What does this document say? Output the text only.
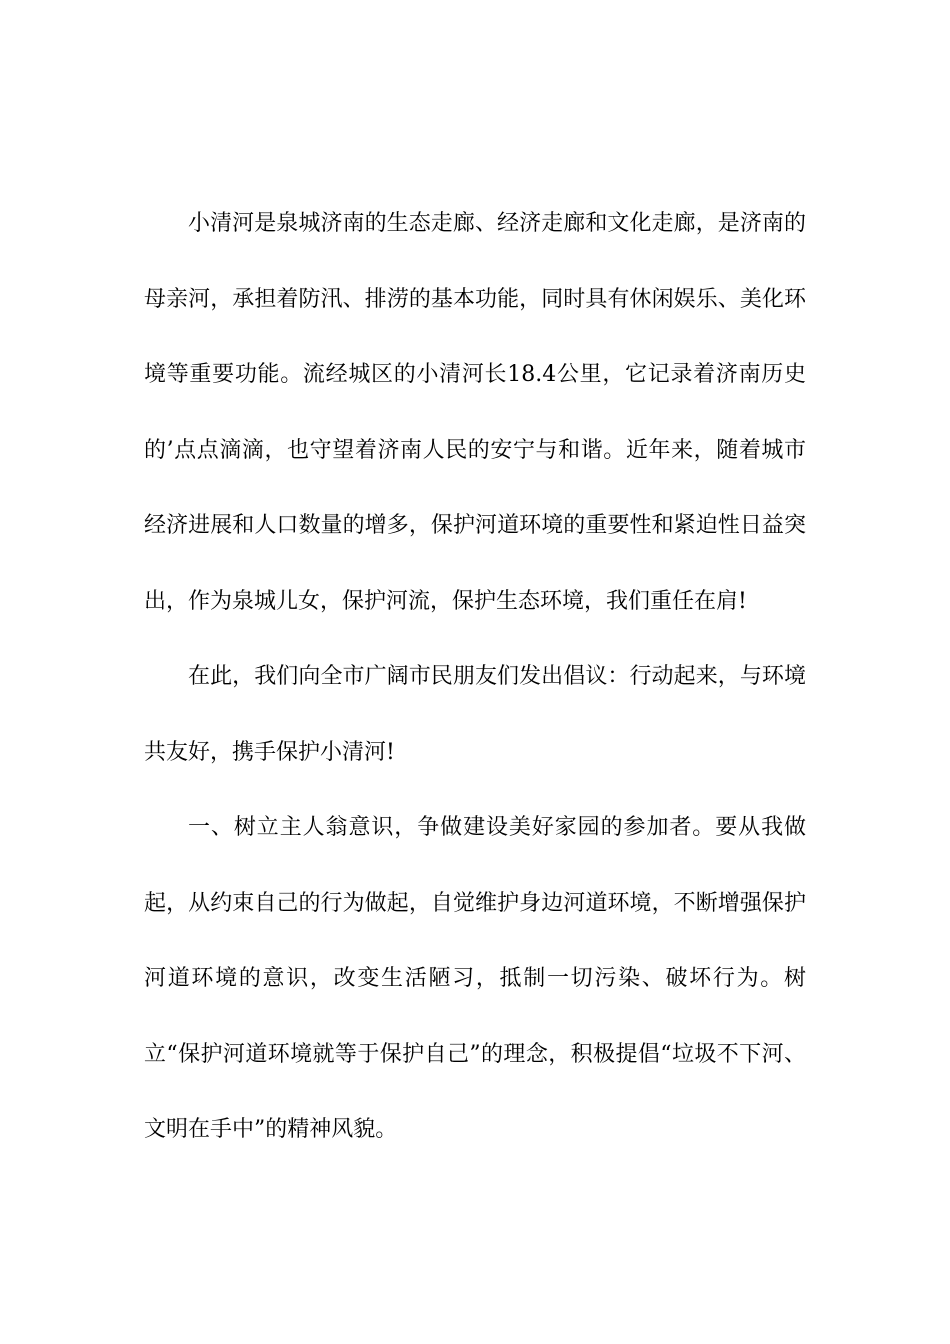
小清河是泉城济南的生态走廊、经济走廊和文化走廊，是济南的母亲河，承担着防汛、排涝的基本功能，同时具有休闲娱乐、美化环境等重要功能。流经城区的小清河长18.4公里，它记录着济南历史的’点点滴滴，也守望着济南人民的安宁与和谐。近年来，随着城市经济进展和人口数量的增多，保护河道环境的重要性和紧迫性日益突出，作为泉城儿女，保护河流，保护生态环境，我们重任在肩!

在此，我们向全市广阔市民朋友们发出倡议：行动起来，与环境共友好，携手保护小清河!

一、树立主人翁意识，争做建设美好家园的参加者。要从我做起，从约束自己的行为做起，自觉维护身边河道环境，不断增强保护河道环境的意识，改变生活陋习，抵制一切污染、破坏行为。树立“保护河道环境就等于保护自己”的理念，积极提倡“垃圾不下河、文明在手中”的精神风貌。
